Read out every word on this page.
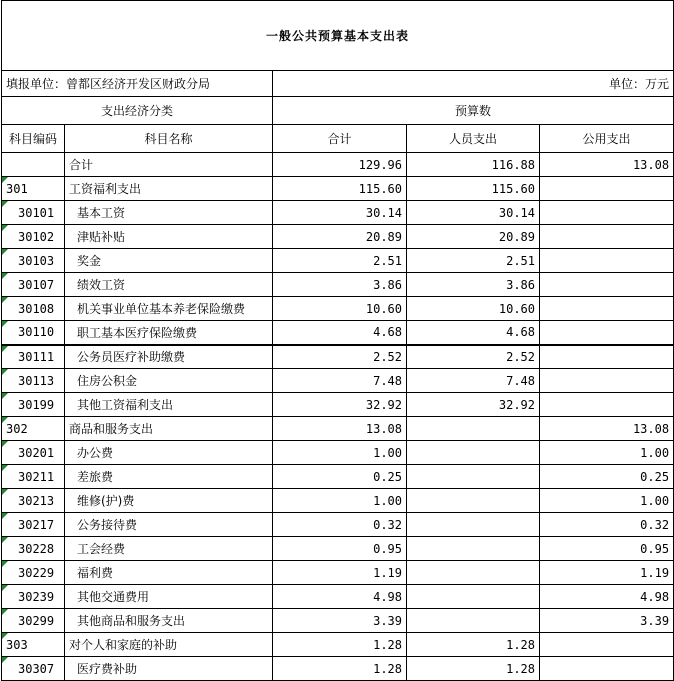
一般公共预算基本支出表				
填报单位：曾都区经济开发区财政分局		单位：万元		
支出经济分类		预算数		
科目编码	科目名称	合计	人员支出	公用支出
	合计	129.96	116.88	13.08

301	工资福利支出	115.60	115.60	

30101	基本工资	30.14	30.14	

30102	津贴补贴	20.89	20.89	

30103	奖金	2.51	2.51	

30107	绩效工资	3.86	3.86	

30108	机关事业单位基本养老保险缴费	10.60	10.60	

30110	职工基本医疗保险缴费	4.68	4.68	

30111	公务员医疗补助缴费	2.52	2.52	

30113	住房公积金	7.48	7.48	

30199	其他工资福利支出	32.92	32.92	

302	商品和服务支出	13.08		13.08

30201	办公费	1.00		1.00

30211	差旅费	0.25		0.25

30213	维修(护)费	1.00		1.00

30217	公务接待费	0.32		0.32

30228	工会经费	0.95		0.95

30229	福利费	1.19		1.19

30239	其他交通费用	4.98		4.98

30299	其他商品和服务支出	3.39		3.39

303	对个人和家庭的补助	1.28	1.28	

30307	医疗费补助	1.28	1.28	
